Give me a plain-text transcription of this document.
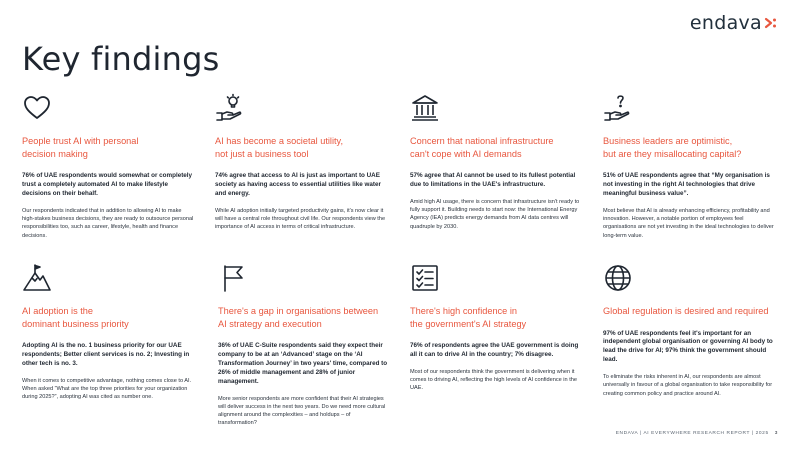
endava
Key findings
People trust AI with personal
decision making

76% of UAE respondents would somewhat or completely trust a completely automated AI to make lifestyle decisions on their behalf.

Our respondents indicated that in addition to allowing AI to make high-stakes business decisions, they are ready to outsource personal responsibilities too, such as career, lifestyle, health and finance decisions.

AI has become a societal utility,
not just a business tool

74% agree that access to AI is just as important to UAE society as having access to essential utilities like water and energy.

While AI adoption initially targeted productivity gains, it's now clear it will have a central role throughout civil life. Our respondents view the importance of AI access in terms of critical infrastructure.

Concern that national infrastructure
can't cope with AI demands

57% agree that AI cannot be used to its fullest potential due to limitations in the UAE's infrastructure.

Amid high AI usage, there is concern that infrastructure isn't ready to fully support it. Building needs to start now: the International Energy Agency (IEA) predicts energy demands from AI data centres will quadruple by 2030.

Business leaders are optimistic,
but are they misallocating capital?

51% of UAE respondents agree that “My organisation is not investing in the right AI technologies that drive meaningful business value”.

Most believe that AI is already enhancing efficiency, profitability and innovation. However, a notable portion of employees feel organisations are not yet investing in the ideal technologies to deliver long-term value.

AI adoption is the
dominant business priority

Adopting AI is the no. 1 business priority for our UAE respondents; Better client services is no. 2; Investing in other tech is no. 3.

When it comes to competitive advantage, nothing comes close to AI. When asked “What are the top three priorities for your organization during 2025?”, adopting AI was cited as number one.

There's a gap in organisations between
AI strategy and execution

36% of UAE C-Suite respondents said they expect their company to be at an ‘Advanced’ stage on the ‘AI Transformation Journey’ in two years' time, compared to 26% of middle management and 28% of junior management.

More senior respondents are more confident that their AI strategies will deliver success in the next two years. Do we need more cultural alignment around the complexities – and holdups – of transformation?

There's high confidence in
the government's AI strategy

76% of respondents agree the UAE government is doing all it can to drive AI in the country; 7% disagree.

Most of our respondents think the government is delivering when it comes to driving AI, reflecting the high levels of AI confidence in the UAE.

Global regulation is desired and required

97% of UAE respondents feel it's important for an independent global organisation or governing AI body to lead the drive for AI; 97% think the government should lead.

To eliminate the risks inherent in AI, our respondents are almost universally in favour of a global organisation to take responsibility for creating common policy and practice around AI.

ENDAVA | AI EVERYWHERE RESEARCH REPORT | 2025 3
